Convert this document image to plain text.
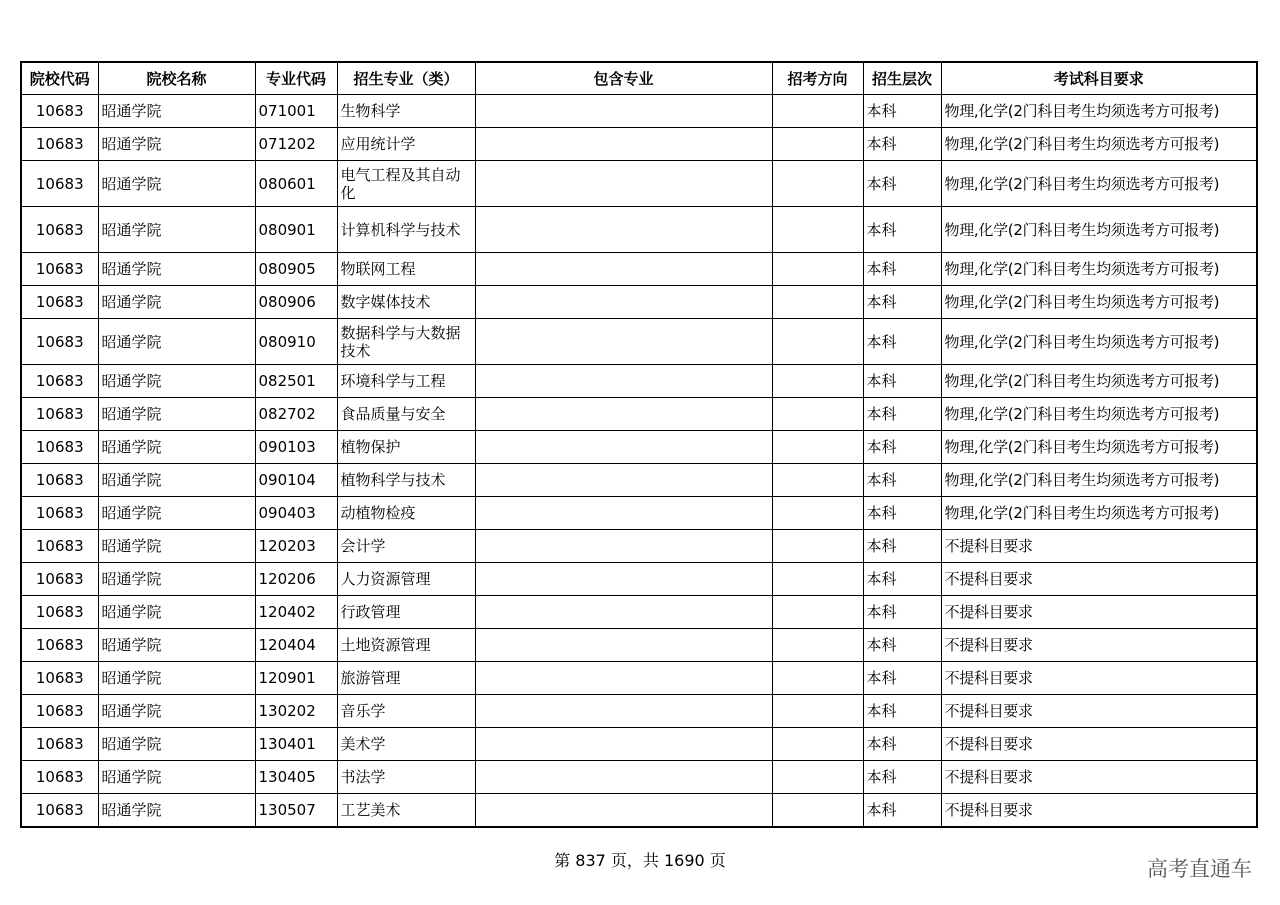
院校代码	院校名称	专业代码	招生专业（类）	包含专业	招考方向	招生层次	考试科目要求
10683	昭通学院	071001	生物科学			本科	物理,化学(2门科目考生均须选考方可报考)
10683	昭通学院	071202	应用统计学			本科	物理,化学(2门科目考生均须选考方可报考)
10683	昭通学院	080601	电气工程及其自动化			本科	物理,化学(2门科目考生均须选考方可报考)
10683	昭通学院	080901	计算机科学与技术			本科	物理,化学(2门科目考生均须选考方可报考)
10683	昭通学院	080905	物联网工程			本科	物理,化学(2门科目考生均须选考方可报考)
10683	昭通学院	080906	数字媒体技术			本科	物理,化学(2门科目考生均须选考方可报考)
10683	昭通学院	080910	数据科学与大数据技术			本科	物理,化学(2门科目考生均须选考方可报考)
10683	昭通学院	082501	环境科学与工程			本科	物理,化学(2门科目考生均须选考方可报考)
10683	昭通学院	082702	食品质量与安全			本科	物理,化学(2门科目考生均须选考方可报考)
10683	昭通学院	090103	植物保护			本科	物理,化学(2门科目考生均须选考方可报考)
10683	昭通学院	090104	植物科学与技术			本科	物理,化学(2门科目考生均须选考方可报考)
10683	昭通学院	090403	动植物检疫			本科	物理,化学(2门科目考生均须选考方可报考)
10683	昭通学院	120203	会计学			本科	不提科目要求
10683	昭通学院	120206	人力资源管理			本科	不提科目要求
10683	昭通学院	120402	行政管理			本科	不提科目要求
10683	昭通学院	120404	土地资源管理			本科	不提科目要求
10683	昭通学院	120901	旅游管理			本科	不提科目要求
10683	昭通学院	130202	音乐学			本科	不提科目要求
10683	昭通学院	130401	美术学			本科	不提科目要求
10683	昭通学院	130405	书法学			本科	不提科目要求
10683	昭通学院	130507	工艺美术			本科	不提科目要求
第 837 页，共 1690 页	高考直通车
